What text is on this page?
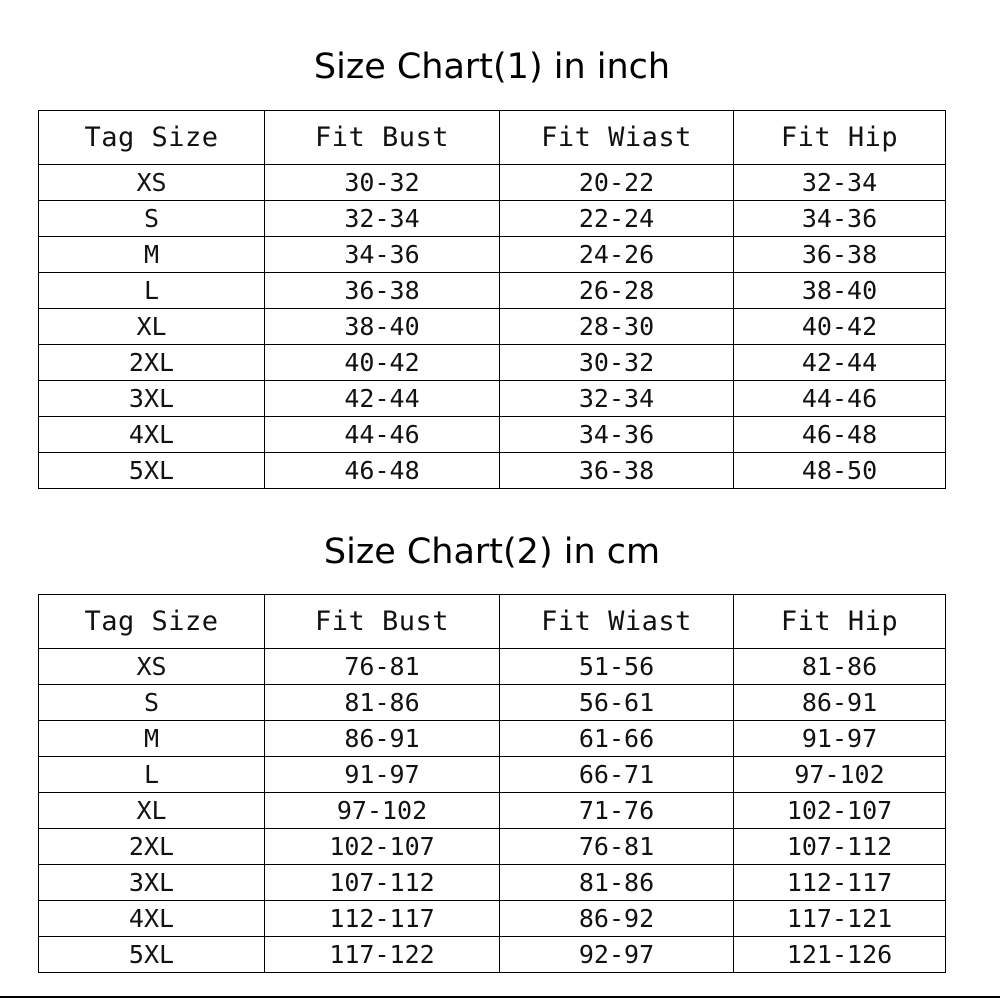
Size Chart(1) in inch
Tag Size	Fit Bust	Fit Wiast	Fit Hip
XS	30-32	20-22	32-34
S	32-34	22-24	34-36
M	34-36	24-26	36-38
L	36-38	26-28	38-40
XL	38-40	28-30	40-42
2XL	40-42	30-32	42-44
3XL	42-44	32-34	44-46
4XL	44-46	34-36	46-48
5XL	46-48	36-38	48-50
Size Chart(2) in cm
Tag Size	Fit Bust	Fit Wiast	Fit Hip
XS	76-81	51-56	81-86
S	81-86	56-61	86-91
M	86-91	61-66	91-97
L	91-97	66-71	97-102
XL	97-102	71-76	102-107
2XL	102-107	76-81	107-112
3XL	107-112	81-86	112-117
4XL	112-117	86-92	117-121
5XL	117-122	92-97	121-126
